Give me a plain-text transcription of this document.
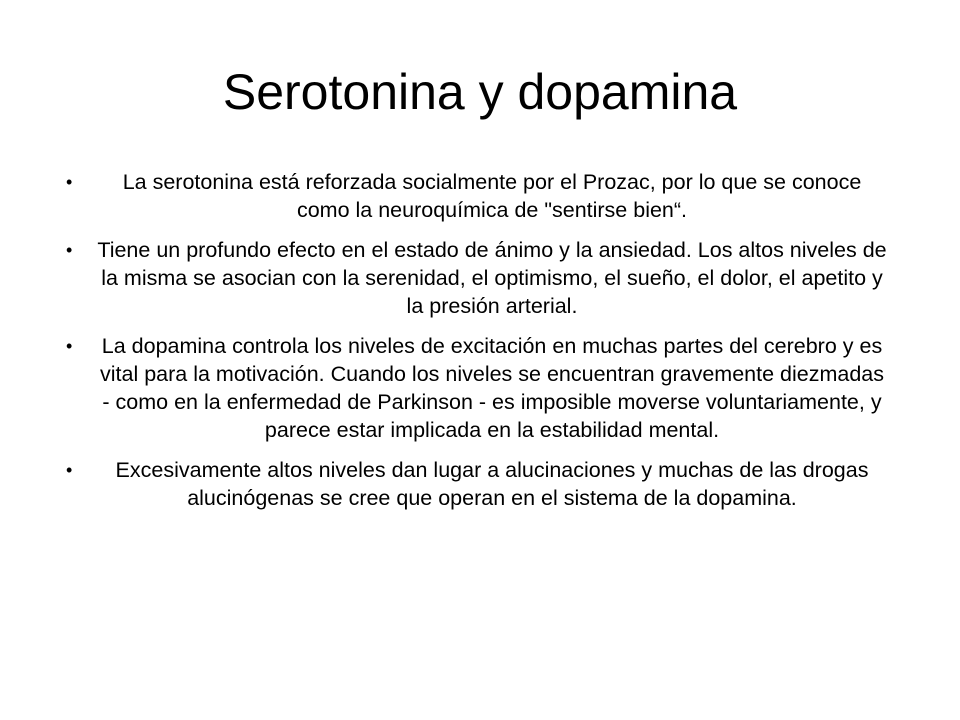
Serotonina y dopamina
•	La serotonina está reforzada socialmente por el Prozac, por lo que se conoce como la neuroquímica de "sentirse bien“.
• Tiene un profundo efecto en el estado de ánimo y la ansiedad. Los altos niveles de la misma se asocian con la serenidad, el optimismo, el sueño, el dolor, el apetito y la presión arterial.
•	La dopamina controla los niveles de excitación en muchas partes del cerebro y es vital para la motivación. Cuando los niveles se encuentran gravemente diezmadas - como en la enfermedad de Parkinson - es imposible moverse voluntariamente, y parece estar implicada en la estabilidad mental.
•	Excesivamente altos niveles dan lugar a alucinaciones y muchas de las drogas alucinógenas se cree que operan en el sistema de la dopamina.
